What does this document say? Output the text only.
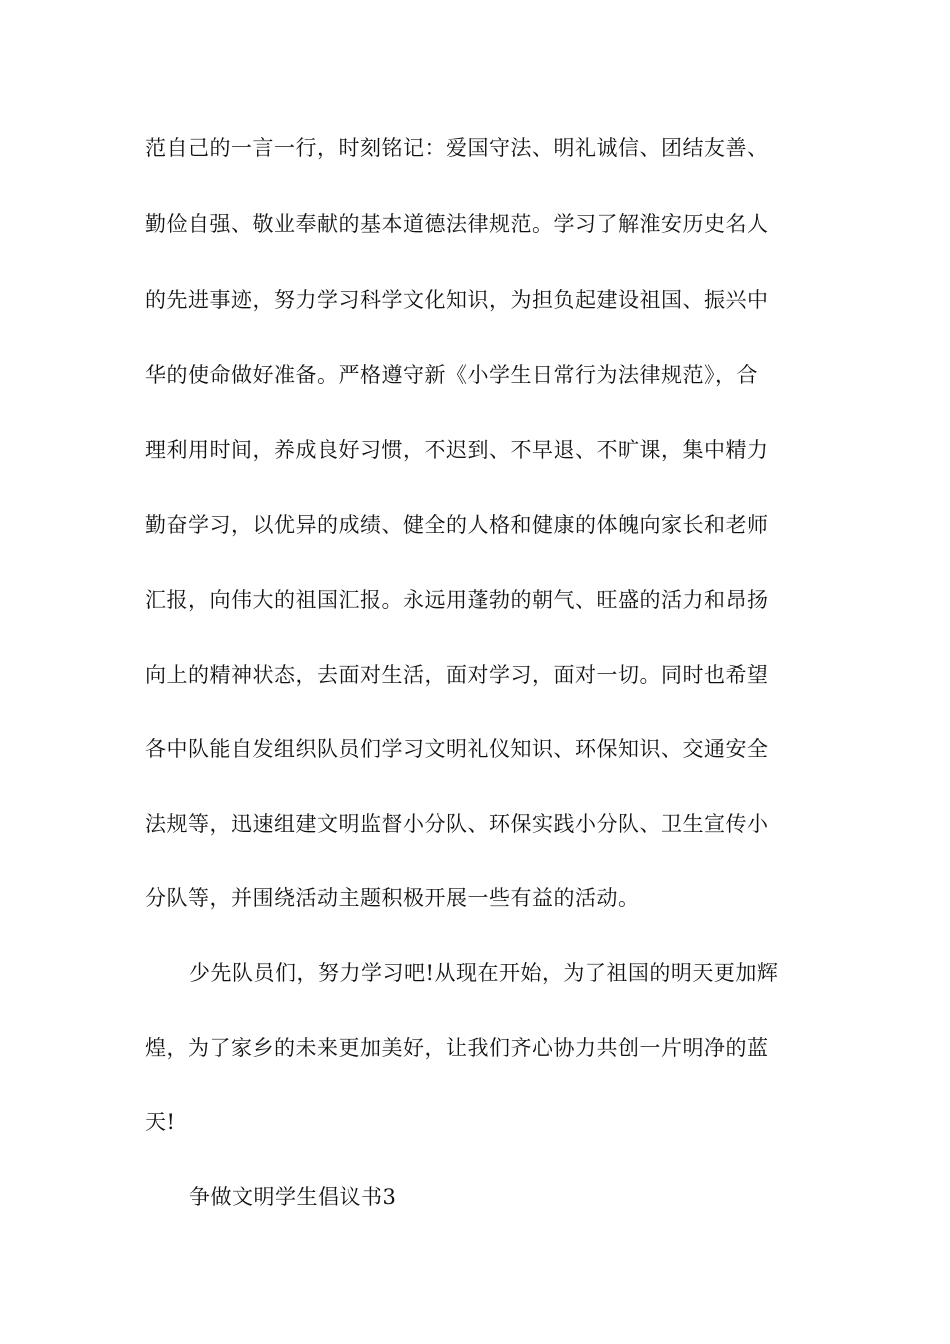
范自己的一言一行，时刻铭记：爱国守法、明礼诚信、团结友善、
勤俭自强、敬业奉献的基本道德法律规范。学习了解淮安历史名人
的先进事迹，努力学习科学文化知识，为担负起建设祖国、振兴中
华的使命做好准备。严格遵守新《小学生日常行为法律规范》，合
理利用时间，养成良好习惯，不迟到、不早退、不旷课，集中精力
勤奋学习，以优异的成绩、健全的人格和健康的体魄向家长和老师
汇报，向伟大的祖国汇报。永远用蓬勃的朝气、旺盛的活力和昂扬
向上的精神状态，去面对生活，面对学习，面对一切。同时也希望
各中队能自发组织队员们学习文明礼仪知识、环保知识、交通安全
法规等，迅速组建文明监督小分队、环保实践小分队、卫生宣传小
分队等，并围绕活动主题积极开展一些有益的活动。
少先队员们，努力学习吧!从现在开始，为了祖国的明天更加辉
煌，为了家乡的未来更加美好，让我们齐心协力共创一片明净的蓝
天!
争做文明学生倡议书3
